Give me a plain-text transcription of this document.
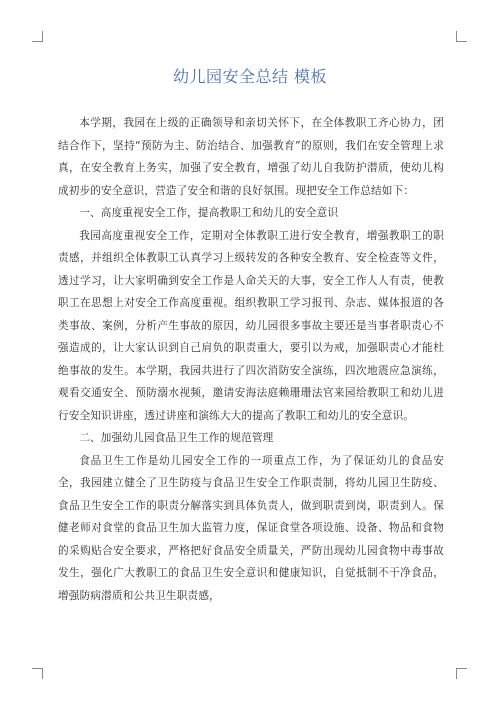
幼儿园安全总结 模板

本学期，我园在上级的正确领导和亲切关怀下，在全体教职工齐心协力，团结合作下，坚持“预防为主、防治结合、加强教育”的原则，我们在安全管理上求真，在安全教育上务实，加强了安全教育，增强了幼儿自我防护潜质，使幼儿构成初步的安全意识，营造了安全和谐的良好氛围。现把安全工作总结如下：

一、高度重视安全工作，提高教职工和幼儿的安全意识

我园高度重视安全工作，定期对全体教职工进行安全教育，增强教职工的职责感，并组织全体教职工认真学习上级转发的各种安全教育、安全检查等文件，透过学习，让大家明确到安全工作是人命关天的大事，安全工作人人有责，使教职工在思想上对安全工作高度重视。组织教职工学习报刊、杂志、媒体报道的各类事故、案例，分析产生事故的原因，幼儿园很多事故主要还是当事者职责心不强造成的，让大家认识到自己肩负的职责重大，要引以为戒，加强职责心才能杜绝事故的发生。本学期，我园共进行了四次消防安全演练，四次地震应急演练，观看交通安全、预防溺水视频，邀请安海法庭赖珊珊法官来园给教职工和幼儿进行安全知识讲座，透过讲座和演练大大的提高了教职工和幼儿的安全意识。

二、加强幼儿园食品卫生工作的规范管理

食品卫生工作是幼儿园安全工作的一项重点工作，为了保证幼儿的食品安全，我园建立健全了卫生防疫与食品卫生安全工作职责制，将幼儿园卫生防疫、食品卫生安全工作的职责分解落实到具体负责人，做到职责到岗，职责到人。保健老师对食堂的食品卫生加大监管力度，保证食堂各项设施、设备、物品和食物的采购贴合安全要求，严格把好食品安全质量关，严防出现幼儿园食物中毒事故发生，强化广大教职工的食品卫生安全意识和健康知识，自觉抵制不干净食品，增强防病潜质和公共卫生职责感，
